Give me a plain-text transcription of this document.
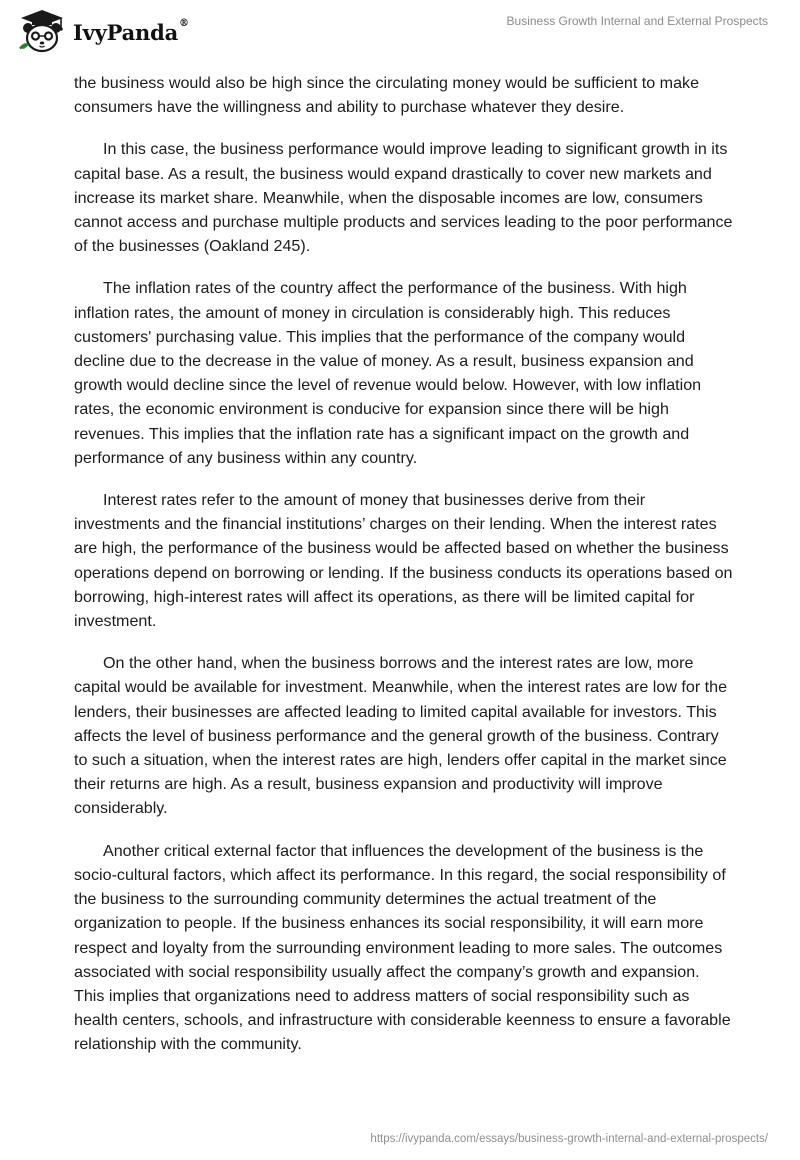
IvyPanda®	Business Growth Internal and External Prospects

the business would also be high since the circulating money would be sufficient to make consumers have the willingness and ability to purchase whatever they desire.

In this case, the business performance would improve leading to significant growth in its capital base. As a result, the business would expand drastically to cover new markets and increase its market share. Meanwhile, when the disposable incomes are low, consumers cannot access and purchase multiple products and services leading to the poor performance of the businesses (Oakland 245).

The inflation rates of the country affect the performance of the business. With high inflation rates, the amount of money in circulation is considerably high. This reduces customers' purchasing value. This implies that the performance of the company would decline due to the decrease in the value of money. As a result, business expansion and growth would decline since the level of revenue would below. However, with low inflation rates, the economic environment is conducive for expansion since there will be high revenues. This implies that the inflation rate has a significant impact on the growth and performance of any business within any country.

Interest rates refer to the amount of money that businesses derive from their investments and the financial institutions’ charges on their lending. When the interest rates are high, the performance of the business would be affected based on whether the business operations depend on borrowing or lending. If the business conducts its operations based on borrowing, high-interest rates will affect its operations, as there will be limited capital for investment.

On the other hand, when the business borrows and the interest rates are low, more capital would be available for investment. Meanwhile, when the interest rates are low for the lenders, their businesses are affected leading to limited capital available for investors. This affects the level of business performance and the general growth of the business. Contrary to such a situation, when the interest rates are high, lenders offer capital in the market since their returns are high. As a result, business expansion and productivity will improve considerably.

Another critical external factor that influences the development of the business is the socio-cultural factors, which affect its performance. In this regard, the social responsibility of the business to the surrounding community determines the actual treatment of the organization to people. If the business enhances its social responsibility, it will earn more respect and loyalty from the surrounding environment leading to more sales. The outcomes associated with social responsibility usually affect the company’s growth and expansion. This implies that organizations need to address matters of social responsibility such as health centers, schools, and infrastructure with considerable keenness to ensure a favorable relationship with the community.

https://ivypanda.com/essays/business-growth-internal-and-external-prospects/
